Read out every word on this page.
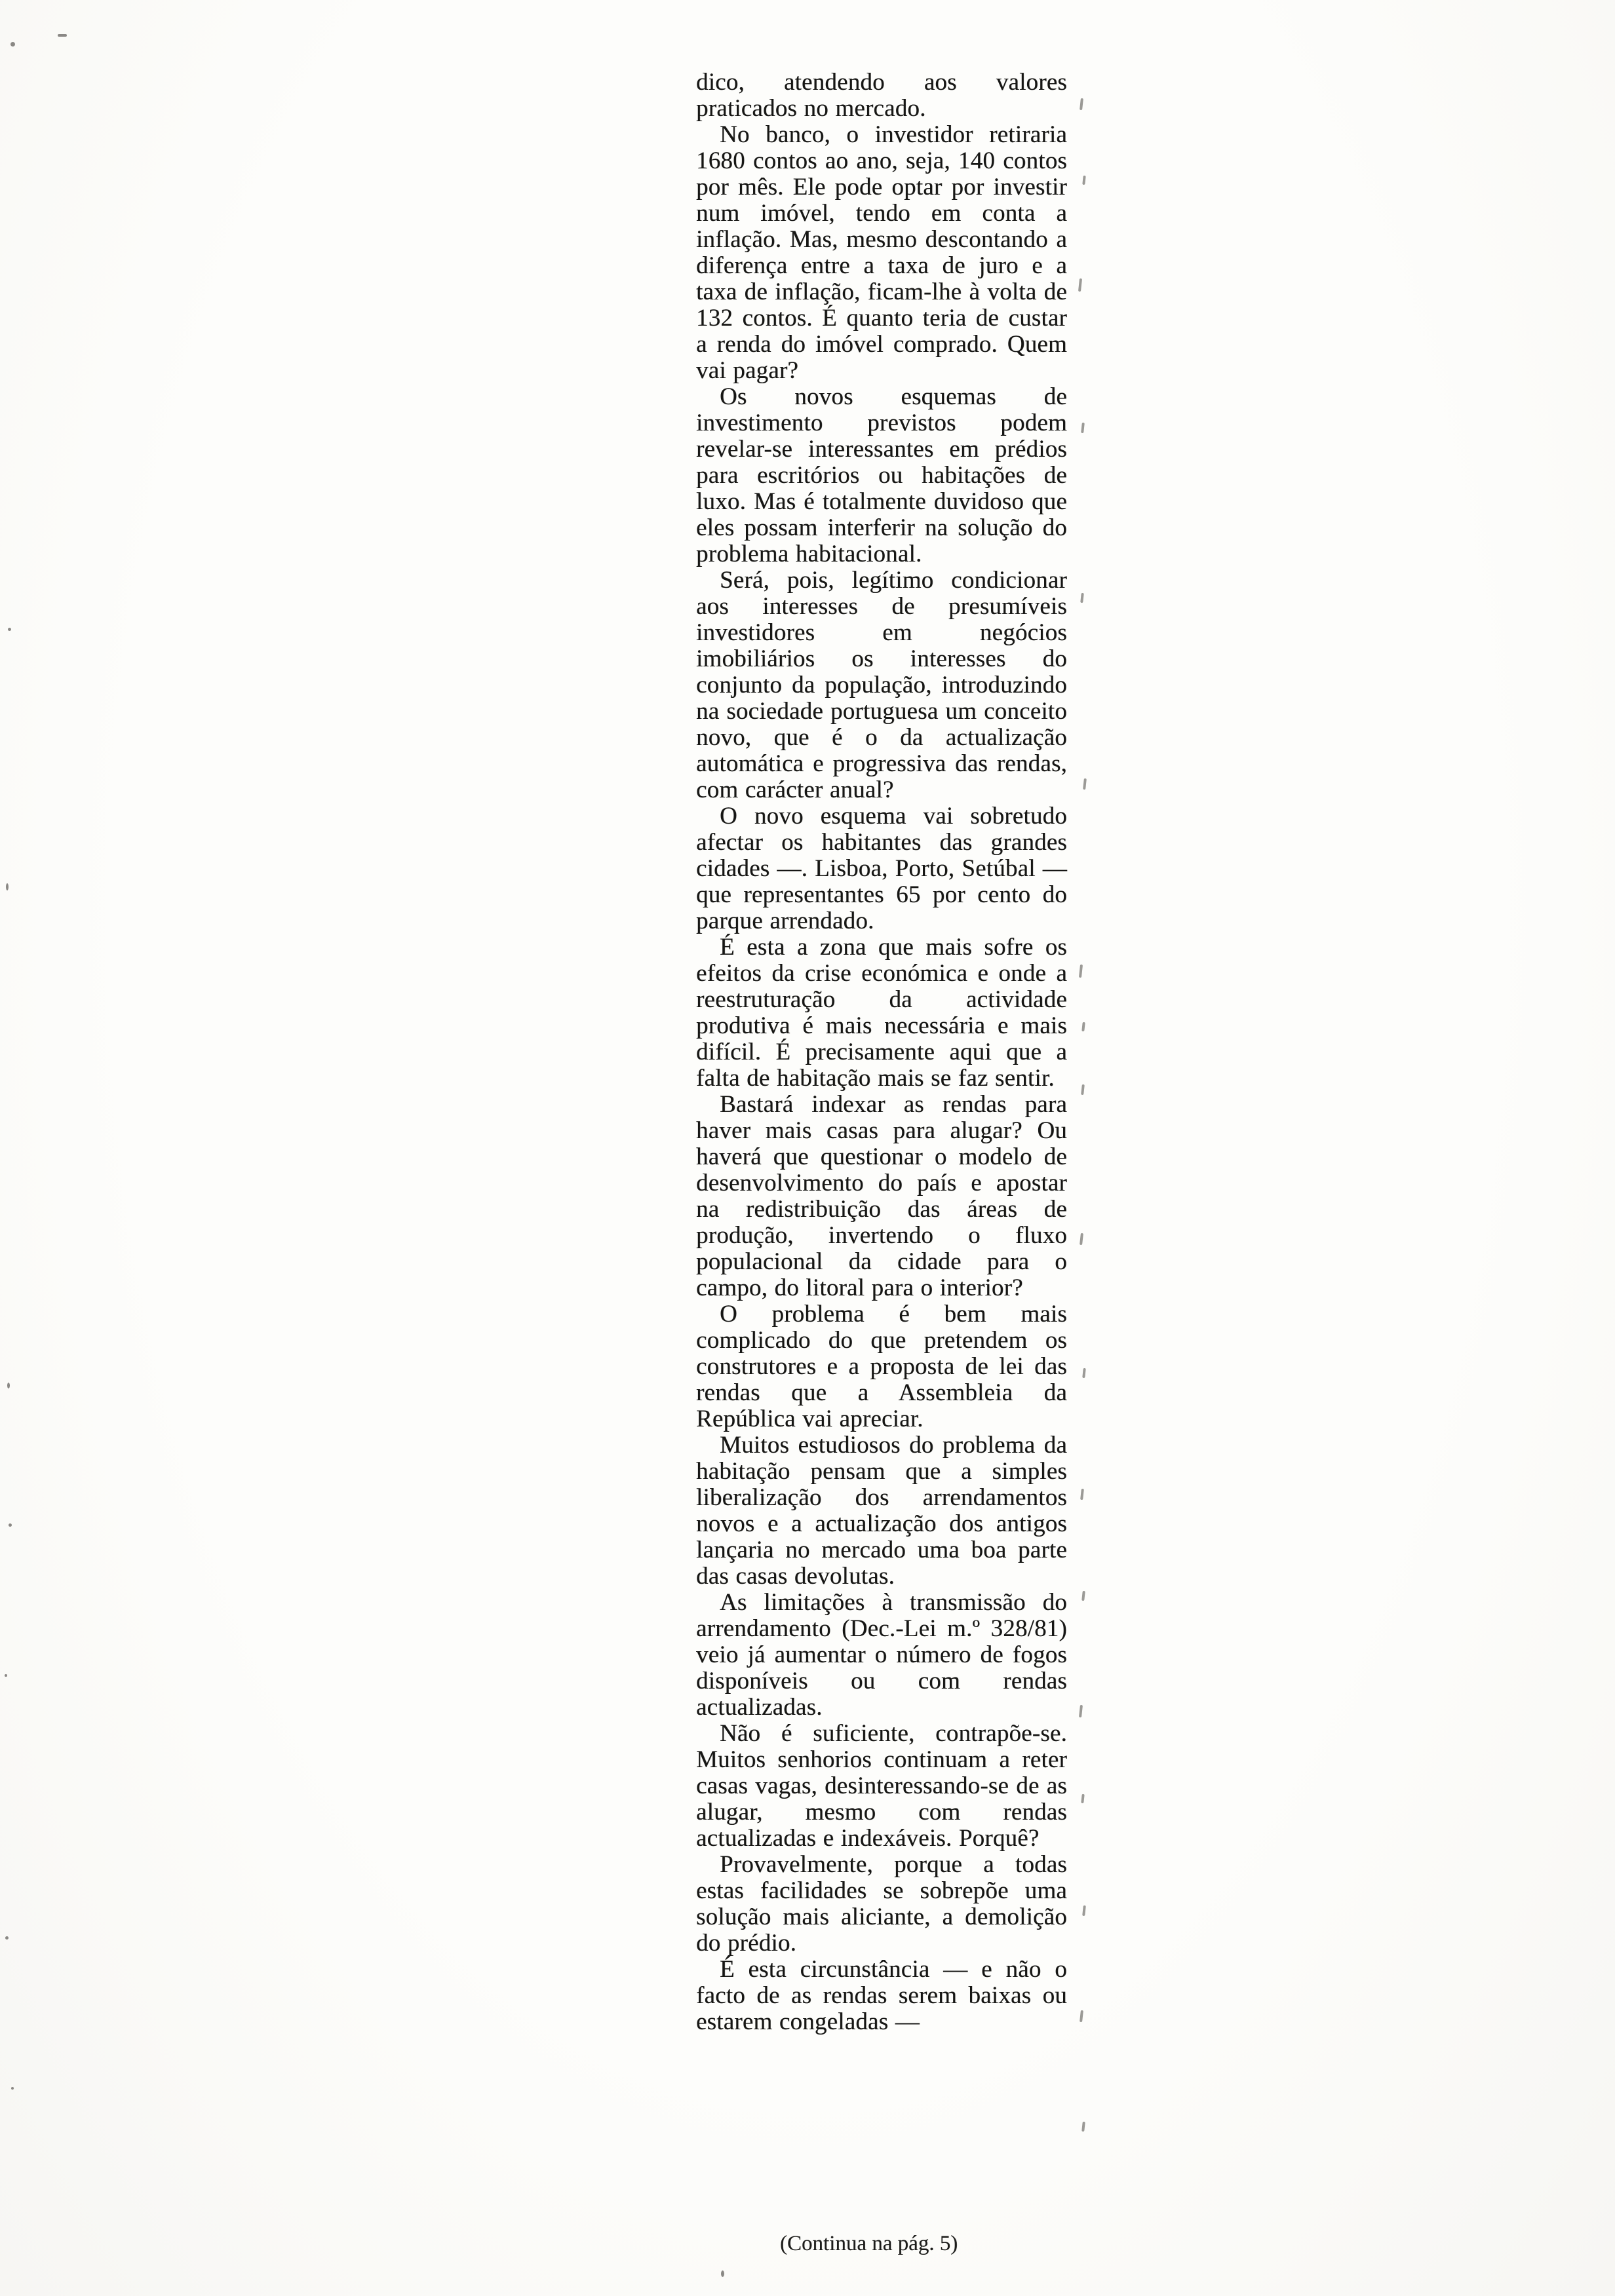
dico, atendendo aos valores praticados no mercado.

No banco, o investidor retiraria 1680 contos ao ano, seja, 140 contos por mês. Ele pode optar por investir num imóvel, tendo em conta a inflação. Mas, mesmo descontando a diferença entre a taxa de juro e a taxa de inflação, ficam-lhe à volta de 132 contos. É quanto teria de custar a renda do imóvel comprado. Quem vai pagar?

Os novos esquemas de investimento previstos podem revelar-se interessantes em prédios para escritórios ou habitações de luxo. Mas é totalmente duvidoso que eles possam interferir na solução do problema habitacional.

Será, pois, legítimo condicionar aos interesses de presumíveis investidores em negócios imobiliários os interesses do conjunto da população, introduzindo na sociedade portuguesa um conceito novo, que é o da actualização automática e progressiva das rendas, com carácter anual?

O novo esquema vai sobretudo afectar os habitantes das grandes cidades —. Lisboa, Porto, Setúbal — que representantes 65 por cento do parque arrendado.

É esta a zona que mais sofre os efeitos da crise económica e onde a reestruturação da actividade produtiva é mais necessária e mais difícil. É precisamente aqui que a falta de habitação mais se faz sentir.

Bastará indexar as rendas para haver mais casas para alugar? Ou haverá que questionar o modelo de desenvolvimento do país e apostar na redistribuição das áreas de produção, invertendo o fluxo populacional da cidade para o campo, do litoral para o interior?

O problema é bem mais complicado do que pretendem os construtores e a proposta de lei das rendas que a Assembleia da República vai apreciar.

Muitos estudiosos do problema da habitação pensam que a simples liberalização dos arrendamentos novos e a actualização dos antigos lançaria no mercado uma boa parte das casas devolutas.

As limitações à transmissão do arrendamento (Dec.-Lei m.º 328/81) veio já aumentar o número de fogos disponíveis ou com rendas actualizadas.

Não é suficiente, contrapõe-se. Muitos senhorios continuam a reter casas vagas, desinteressando-se de as alugar, mesmo com rendas actualizadas e indexáveis. Porquê?

Provavelmente, porque a todas estas facilidades se sobrepõe uma solução mais aliciante, a demolição do prédio.

É esta circunstância — e não o facto de as rendas serem baixas ou estarem congeladas —

(Continua na pág. 5)
